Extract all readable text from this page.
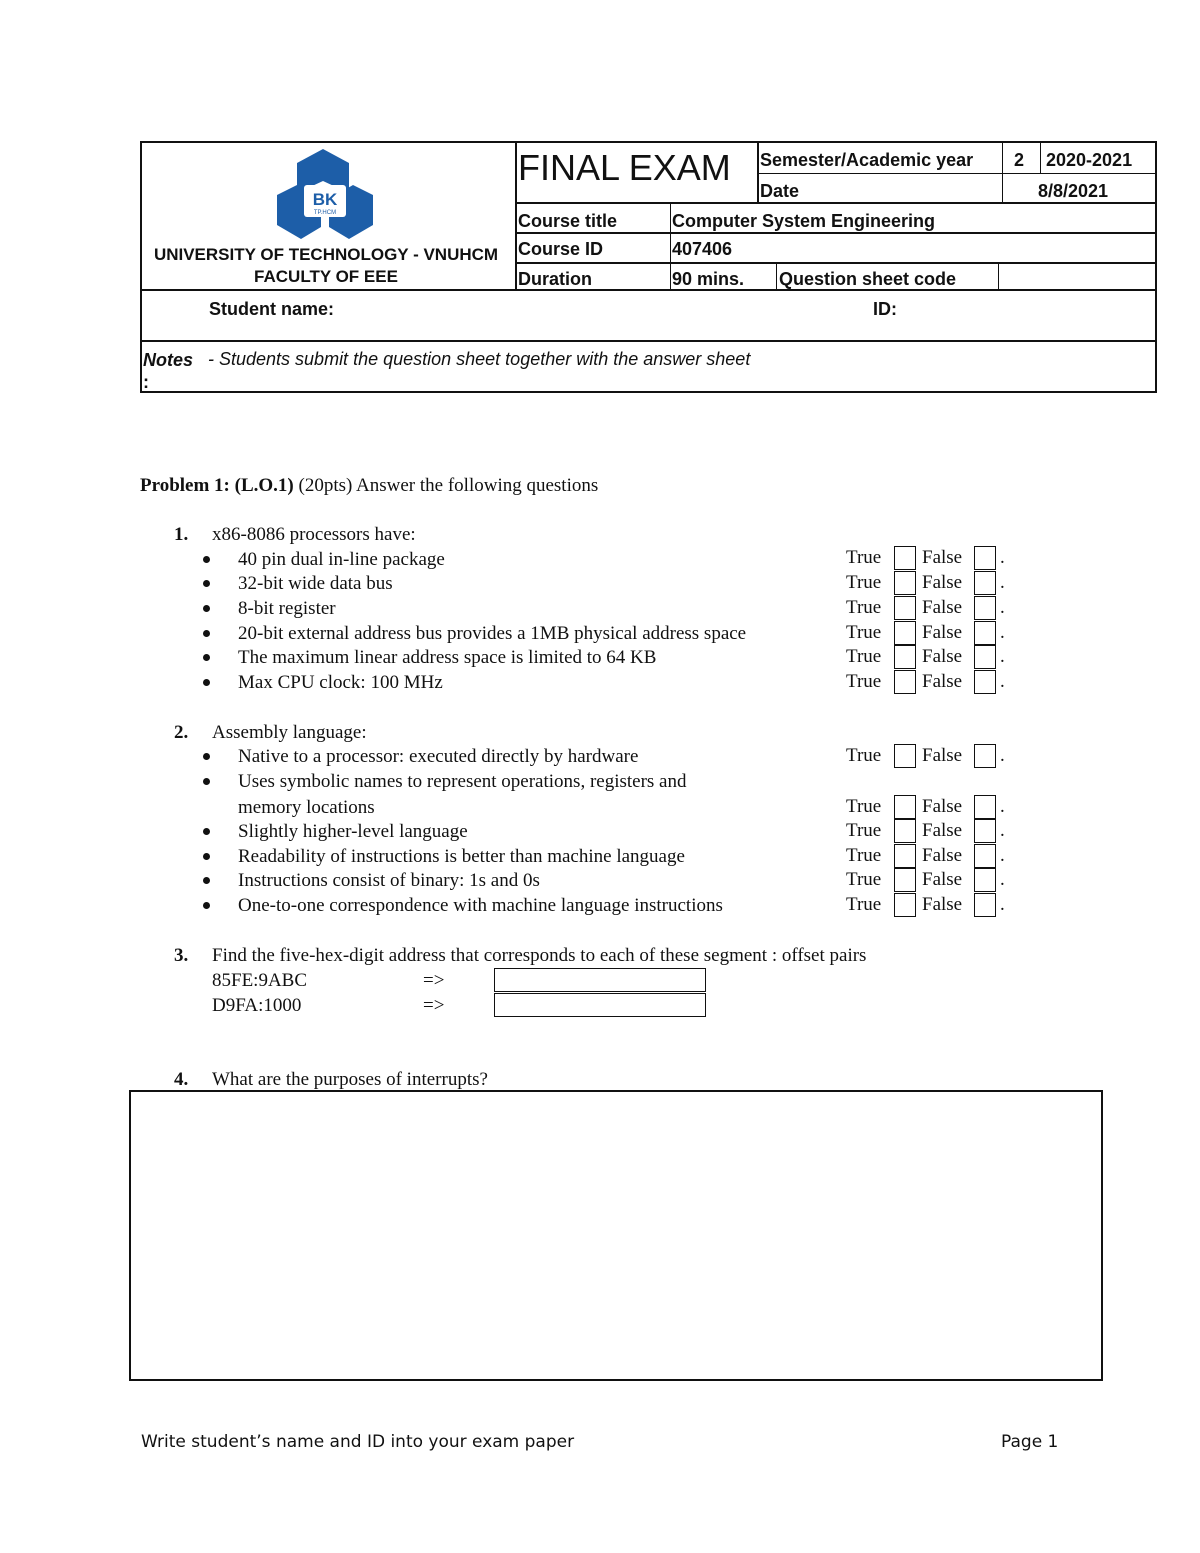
BK
TP.HCM
UNIVERSITY OF TECHNOLOGY - VNUHCM
FACULTY OF EEE
FINAL EXAM Semester/Academic year 2 2020-2021
Date	8/8/2021
Course title	Computer System Engineering
Course ID	407406
Duration	90 mins. Question sheet code
Student name:	ID:
Notes
:
- Students submit the question sheet together with the answer sheet
Problem 1: (L.O.1) (20pts) Answer the following questions
1. x86-8086 processors have:
40 pin dual in-line package	True False .
32-bit wide data bus	True False .
8-bit register	True False .
20-bit external address bus provides a 1MB physical address space	True False .
The maximum linear address space is limited to 64 KB	True False .
Max CPU clock: 100 MHz	True False .
2. Assembly language:
Native to a processor: executed directly by hardware	True False .
Uses symbolic names to represent operations, registers and
memory locations	True False .
Slightly higher-level language	True False .
Readability of instructions is better than machine language	True False .
Instructions consist of binary: 1s and 0s	True False .
One-to-one correspondence with machine language instructions	True False .
3. Find the five-hex-digit address that corresponds to each of these segment : offset pairs
85FE:9ABC	=>
D9FA:1000	=>
4. What are the purposes of interrupts?
Write student’s name and ID into your exam paper	Page 1
